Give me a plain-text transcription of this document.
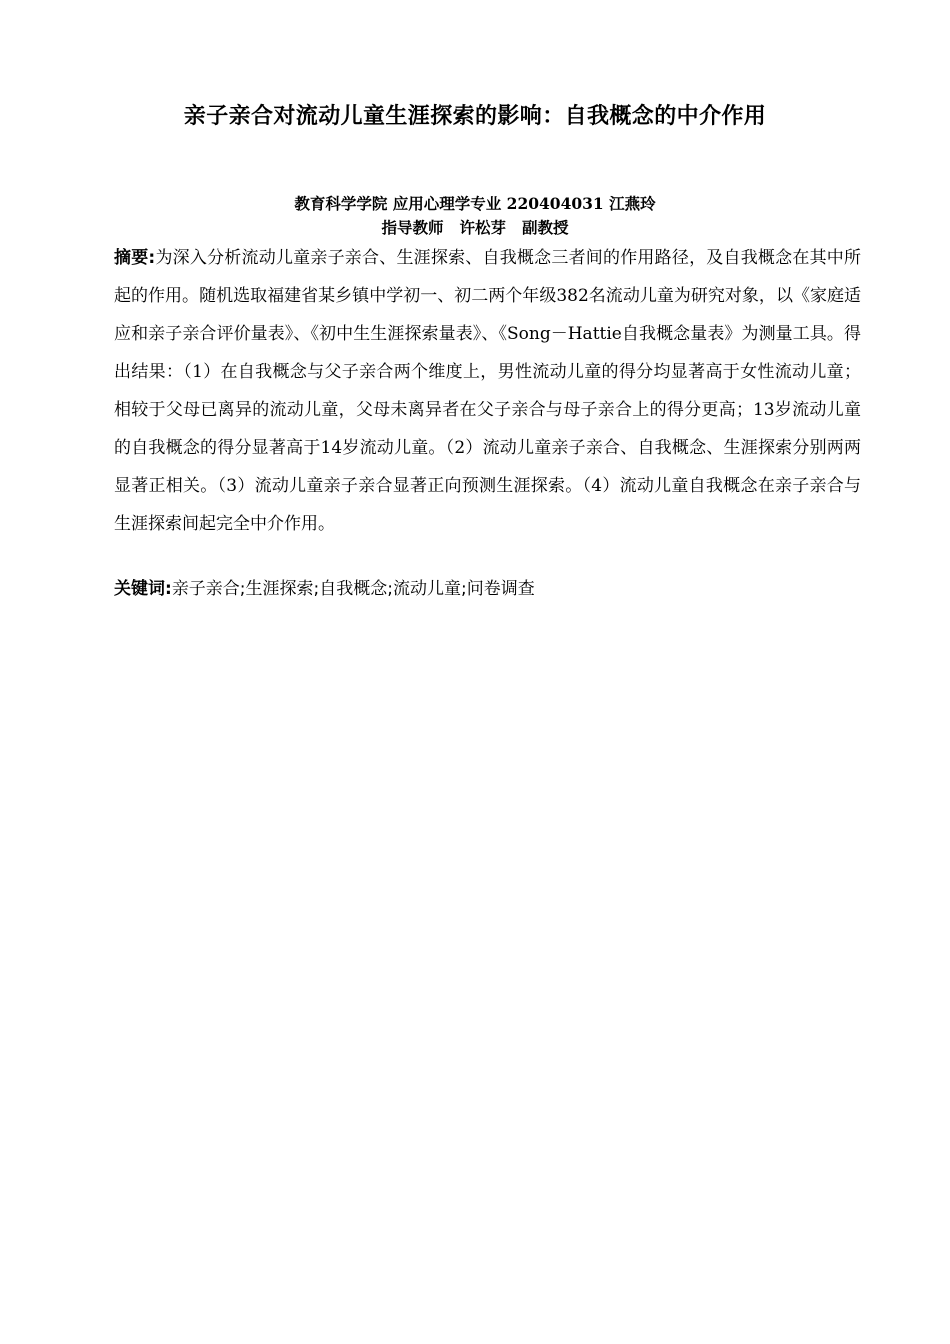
亲子亲合对流动儿童生涯探索的影响：自我概念的中介作用
教育科学学院 应用心理学专业 220404031 江燕玲
指导教师 许松芽 副教授
摘要:为深入分析流动儿童亲子亲合、生涯探索、自我概念三者间的作用路径，及自我概念在其中所起的作用。随机选取福建省某乡镇中学初一、初二两个年级382名流动儿童为研究对象，以《家庭适应和亲子亲合评价量表》、《初中生生涯探索量表》、《Song－Hattie自我概念量表》为测量工具。得出结果：（1）在自我概念与父子亲合两个维度上，男性流动儿童的得分均显著高于女性流动儿童；相较于父母已离异的流动儿童，父母未离异者在父子亲合与母子亲合上的得分更高；13岁流动儿童的自我概念的得分显著高于14岁流动儿童。（2）流动儿童亲子亲合、自我概念、生涯探索分别两两显著正相关。（3）流动儿童亲子亲合显著正向预测生涯探索。（4）流动儿童自我概念在亲子亲合与生涯探索间起完全中介作用。
关键词:亲子亲合;生涯探索;自我概念;流动儿童;问卷调查
